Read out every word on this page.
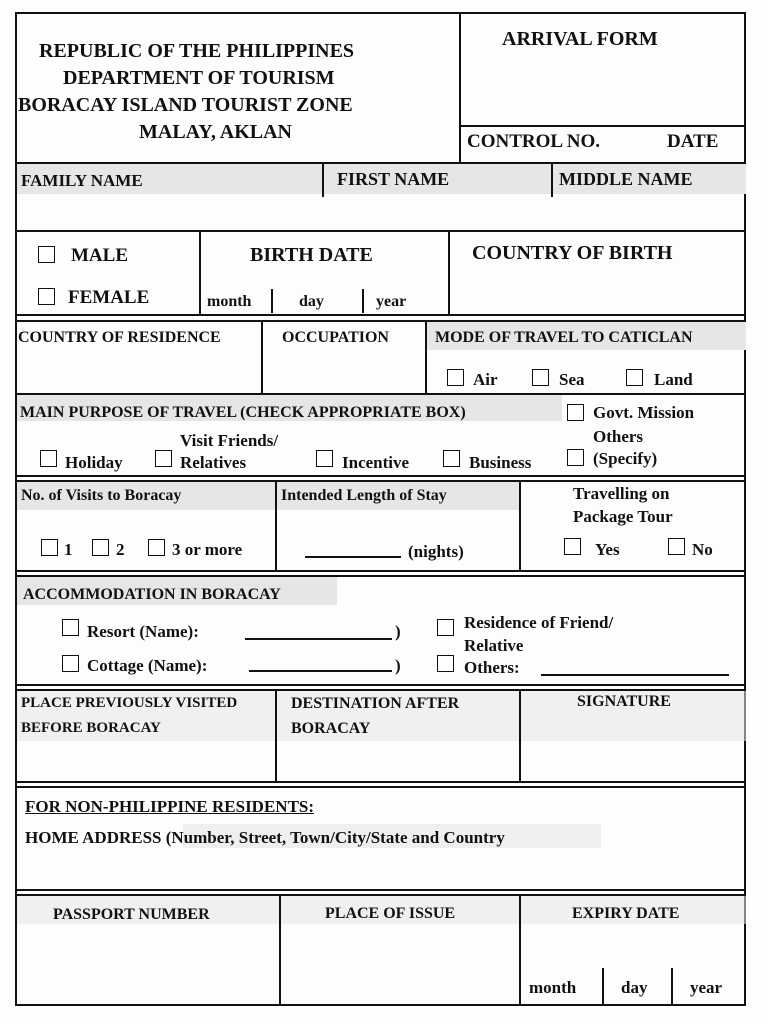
REPUBLIC OF THE PHILIPPINES
DEPARTMENT OF TOURISM
BORACAY ISLAND TOURIST ZONE
MALAY, AKLAN
ARRIVAL FORM
CONTROL NO.	DATE
FAMILY NAME	FIRST NAME	MIDDLE NAME
MALE
FEMALE
BIRTH DATE
month	day	year
COUNTRY OF BIRTH
COUNTRY OF RESIDENCE	OCCUPATION	MODE OF TRAVEL TO CATICLAN
Air	Sea	Land
MAIN PURPOSE OF TRAVEL (CHECK APPROPRIATE BOX)	Govt. Mission
Others
(Specify)
Holiday
Visit Friends/
Relatives	Incentive	Business
No. of Visits to Boracay
1	2	3 or more
Intended Length of Stay
(nights)
Travelling on
Package Tour
Yes	No
ACCOMMODATION IN BORACAY
Resort (Name):	)
Cottage (Name):	)
Residence of Friend/
Relative
Others:
PLACE PREVIOUSLY VISITED
BEFORE BORACAY
DESTINATION AFTER
BORACAY
SIGNATURE
FOR NON-PHILIPPINE RESIDENTS:
HOME ADDRESS (Number, Street, Town/City/State and Country
PASSPORT NUMBER	PLACE OF ISSUE	EXPIRY DATE
month	day	year
